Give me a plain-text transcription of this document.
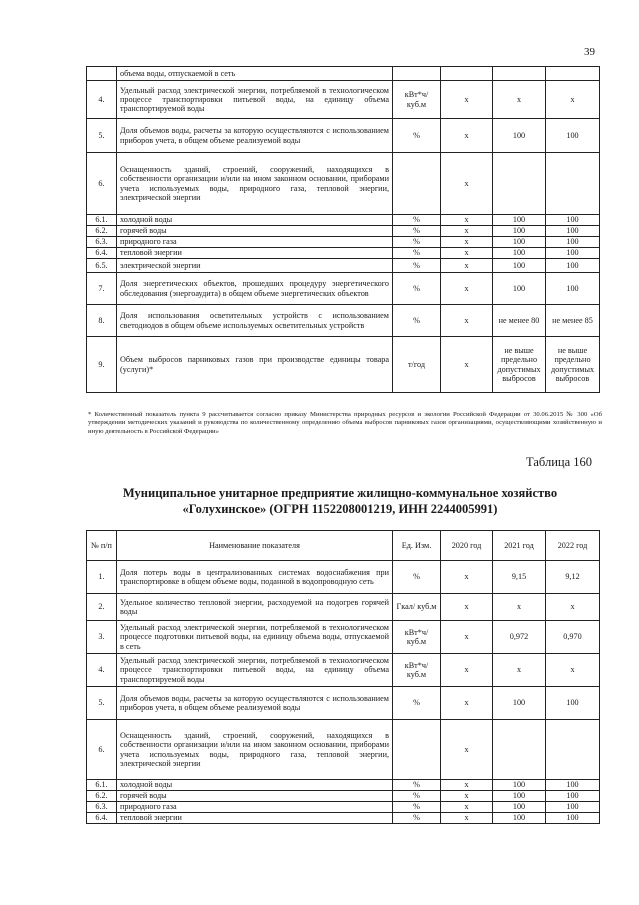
39
	объема воды, отпускаемой в сеть				
4.	Удельный расход электрической энергии, потребляемой в технологическом процессе транспортировки питьевой воды, на единицу объема транспортируемой воды	кВт*ч/ куб.м	х	х	х
5.	Доля объемов воды, расчеты за которую осуществляются с использованием приборов учета, в общем объеме реализуемой воды	%	х	100	100
6.	Оснащенность зданий, строений, сооружений, находящихся в собственности организации и/или на ином законном основании, приборами учета используемых воды, природного газа, тепловой энергии, электрической энергии		х		
6.1.	холодной воды	%	х	100	100
6.2.	горячей воды	%	х	100	100
6.3.	природного газа	%	х	100	100
6.4.	тепловой энергии	%	х	100	100
6.5.	электрической энергии	%	х	100	100
7.	Доля энергетических объектов, прошедших процедуру энергетического обследования (энергоаудита) в общем объеме энергетических объектов	%	х	100	100
8.	Доля использования осветительных устройств с использованием светодиодов в общем объеме используемых осветительных устройств	%	х	не менее 80	не менее 85
9.	Объем выбросов парниковых газов при производстве единицы товара (услуги)*	т/год	х	не выше предельно допустимых выбросов	не выше предельно допустимых выбросов
* Количественный показатель пункта 9 рассчитывается согласно приказу Министерства природных ресурсов и экологии Российской Федерации от 30.06.2015 № 300 «Об утверждении методических указаний и руководства по количественному определению объема выбросов парниковых газов организациями, осуществляющими хозяйственную и иную деятельность в Российской Федерации»
Таблица 160
Муниципальное унитарное предприятие жилищно-коммунальное хозяйство «Голухинское» (ОГРН 1152208001219, ИНН 2244005991)
№ п/п	Наименование показателя	Ед. Изм.	2020 год	2021 год	2022 год
1.	Доля потерь воды в централизованных системах водоснабжения при транспортировке в общем объеме воды, поданной в водопроводную сеть	%	х	9,15	9,12
2.	Удельное количество тепловой энергии, расходуемой на подогрев горячей воды	Гкал/ куб.м	х	х	х
3.	Удельный расход электрической энергии, потребляемой в технологическом процессе подготовки питьевой воды, на единицу объема воды, отпускаемой в сеть	кВт*ч/ куб.м	х	0,972	0,970
4.	Удельный расход электрической энергии, потребляемой в технологическом процессе транспортировки питьевой воды, на единицу объема транспортируемой воды	кВт*ч/ куб.м	х	х	х
5.	Доля объемов воды, расчеты за которую осуществляются с использованием приборов учета, в общем объеме реализуемой воды	%	х	100	100
6.	Оснащенность зданий, строений, сооружений, находящихся в собственности организации и/или на ином законном основании, приборами учета используемых воды, природного газа, тепловой энергии, электрической энергии		х		
6.1.	холодной воды	%	х	100	100
6.2.	горячей воды	%	х	100	100
6.3.	природного газа	%	х	100	100
6.4.	тепловой энергии	%	х	100	100
